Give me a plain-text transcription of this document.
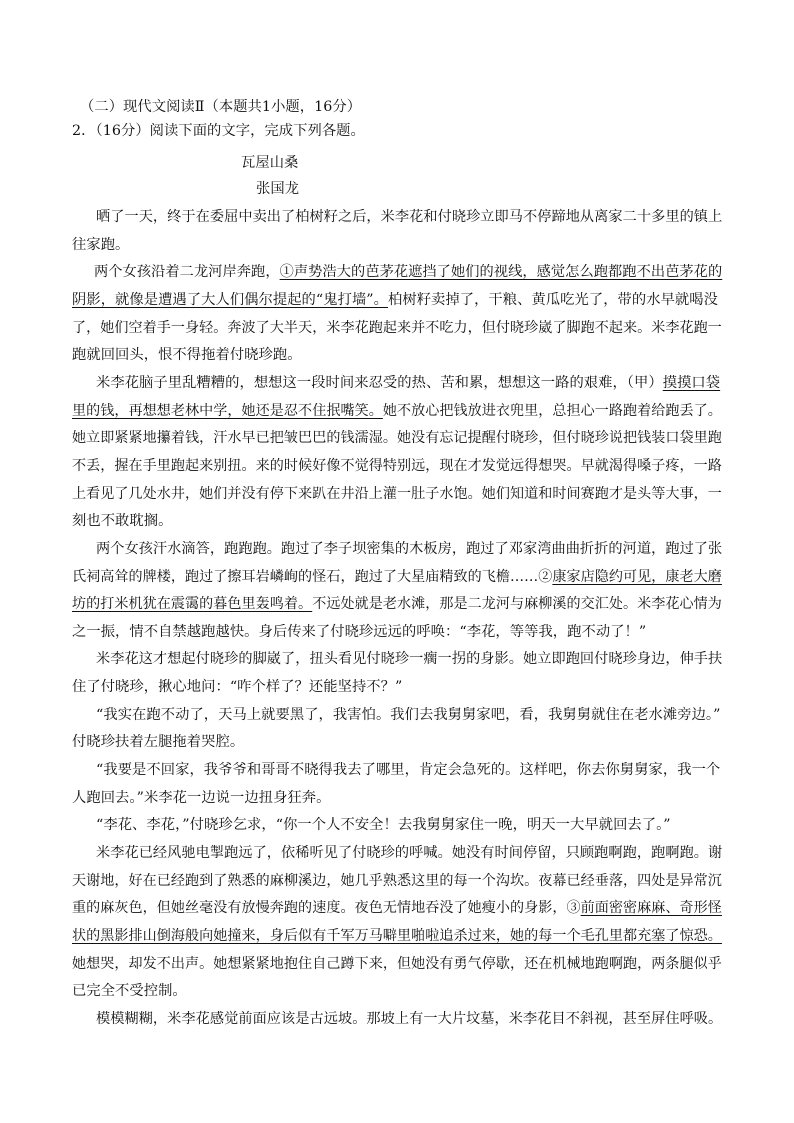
（二）现代文阅读Ⅱ（本题共1小题，16分）
2．（16分）阅读下面的文字，完成下列各题。
瓦屋山桑
张国龙
晒了一天，终于在委屈中卖出了柏树籽之后，米李花和付晓珍立即马不停蹄地从离家二十多里的镇上
往家跑。
两个女孩沿着二龙河岸奔跑，①声势浩大的芭茅花遮挡了她们的视线，感觉怎么跑都跑不出芭茅花的
阴影，就像是遭遇了大人们偶尔提起的“鬼打墙”。柏树籽卖掉了，干粮、黄瓜吃光了，带的水早就喝没
了，她们空着手一身轻。奔波了大半天，米李花跑起来并不吃力，但付晓珍崴了脚跑不起来。米李花跑一
跑就回回头，恨不得拖着付晓珍跑。
米李花脑子里乱糟糟的，想想这一段时间来忍受的热、苦和累，想想这一路的艰难，（甲）摸摸口袋
里的钱，再想想老林中学，她还是忍不住抿嘴笑。她不放心把钱放进衣兜里，总担心一路跑着给跑丢了。
她立即紧紧地攥着钱，汗水早已把皱巴巴的钱濡湿。她没有忘记提醒付晓珍，但付晓珍说把钱装口袋里跑
不丢，握在手里跑起来别扭。来的时候好像不觉得特别远，现在才发觉远得想哭。早就渴得嗓子疼，一路
上看见了几处水井，她们并没有停下来趴在井沿上灌一肚子水饱。她们知道和时间赛跑才是头等大事，一
刻也不敢耽搁。
两个女孩汗水滴答，跑跑跑。跑过了李子坝密集的木板房，跑过了邓家湾曲曲折折的河道，跑过了张
氏祠高耸的牌楼，跑过了擦耳岩嶙峋的怪石，跑过了大星庙精致的飞檐……②康家店隐约可见，康老大磨
坊的打米机犹在震霭的暮色里轰鸣着。不远处就是老水滩，那是二龙河与麻柳溪的交汇处。米李花心情为
之一振，情不自禁越跑越快。身后传来了付晓珍远远的呼唤：“李花，等等我，跑不动了！”
米李花这才想起付晓珍的脚崴了，扭头看见付晓珍一瘸一拐的身影。她立即跑回付晓珍身边，伸手扶
住了付晓珍，揪心地问：“咋个样了？还能坚持不？”
“我实在跑不动了，天马上就要黑了，我害怕。我们去我舅舅家吧，看，我舅舅就住在老水滩旁边。”
付晓珍扶着左腿拖着哭腔。
“我要是不回家，我爷爷和哥哥不晓得我去了哪里，肯定会急死的。这样吧，你去你舅舅家，我一个
人跑回去。”米李花一边说一边扭身狂奔。
“李花、李花，”付晓珍乞求，“你一个人不安全！去我舅舅家住一晚，明天一大早就回去了。”
米李花已经风驰电掣跑远了，依稀听见了付晓珍的呼喊。她没有时间停留，只顾跑啊跑，跑啊跑。谢
天谢地，好在已经跑到了熟悉的麻柳溪边，她几乎熟悉这里的每一个沟坎。夜幕已经垂落，四处是异常沉
重的麻灰色，但她丝毫没有放慢奔跑的速度。夜色无情地吞没了她瘦小的身影，③前面密密麻麻、奇形怪
状的黑影排山倒海般向她撞来，身后似有千军万马噼里啪啦追杀过来，她的每一个毛孔里都充塞了惊恐。
她想哭，却发不出声。她想紧紧地抱住自己蹲下来，但她没有勇气停歇，还在机械地跑啊跑，两条腿似乎
已完全不受控制。
模模糊糊，米李花感觉前面应该是古远坡。那坡上有一大片坟墓，米李花目不斜视，甚至屏住呼吸。
